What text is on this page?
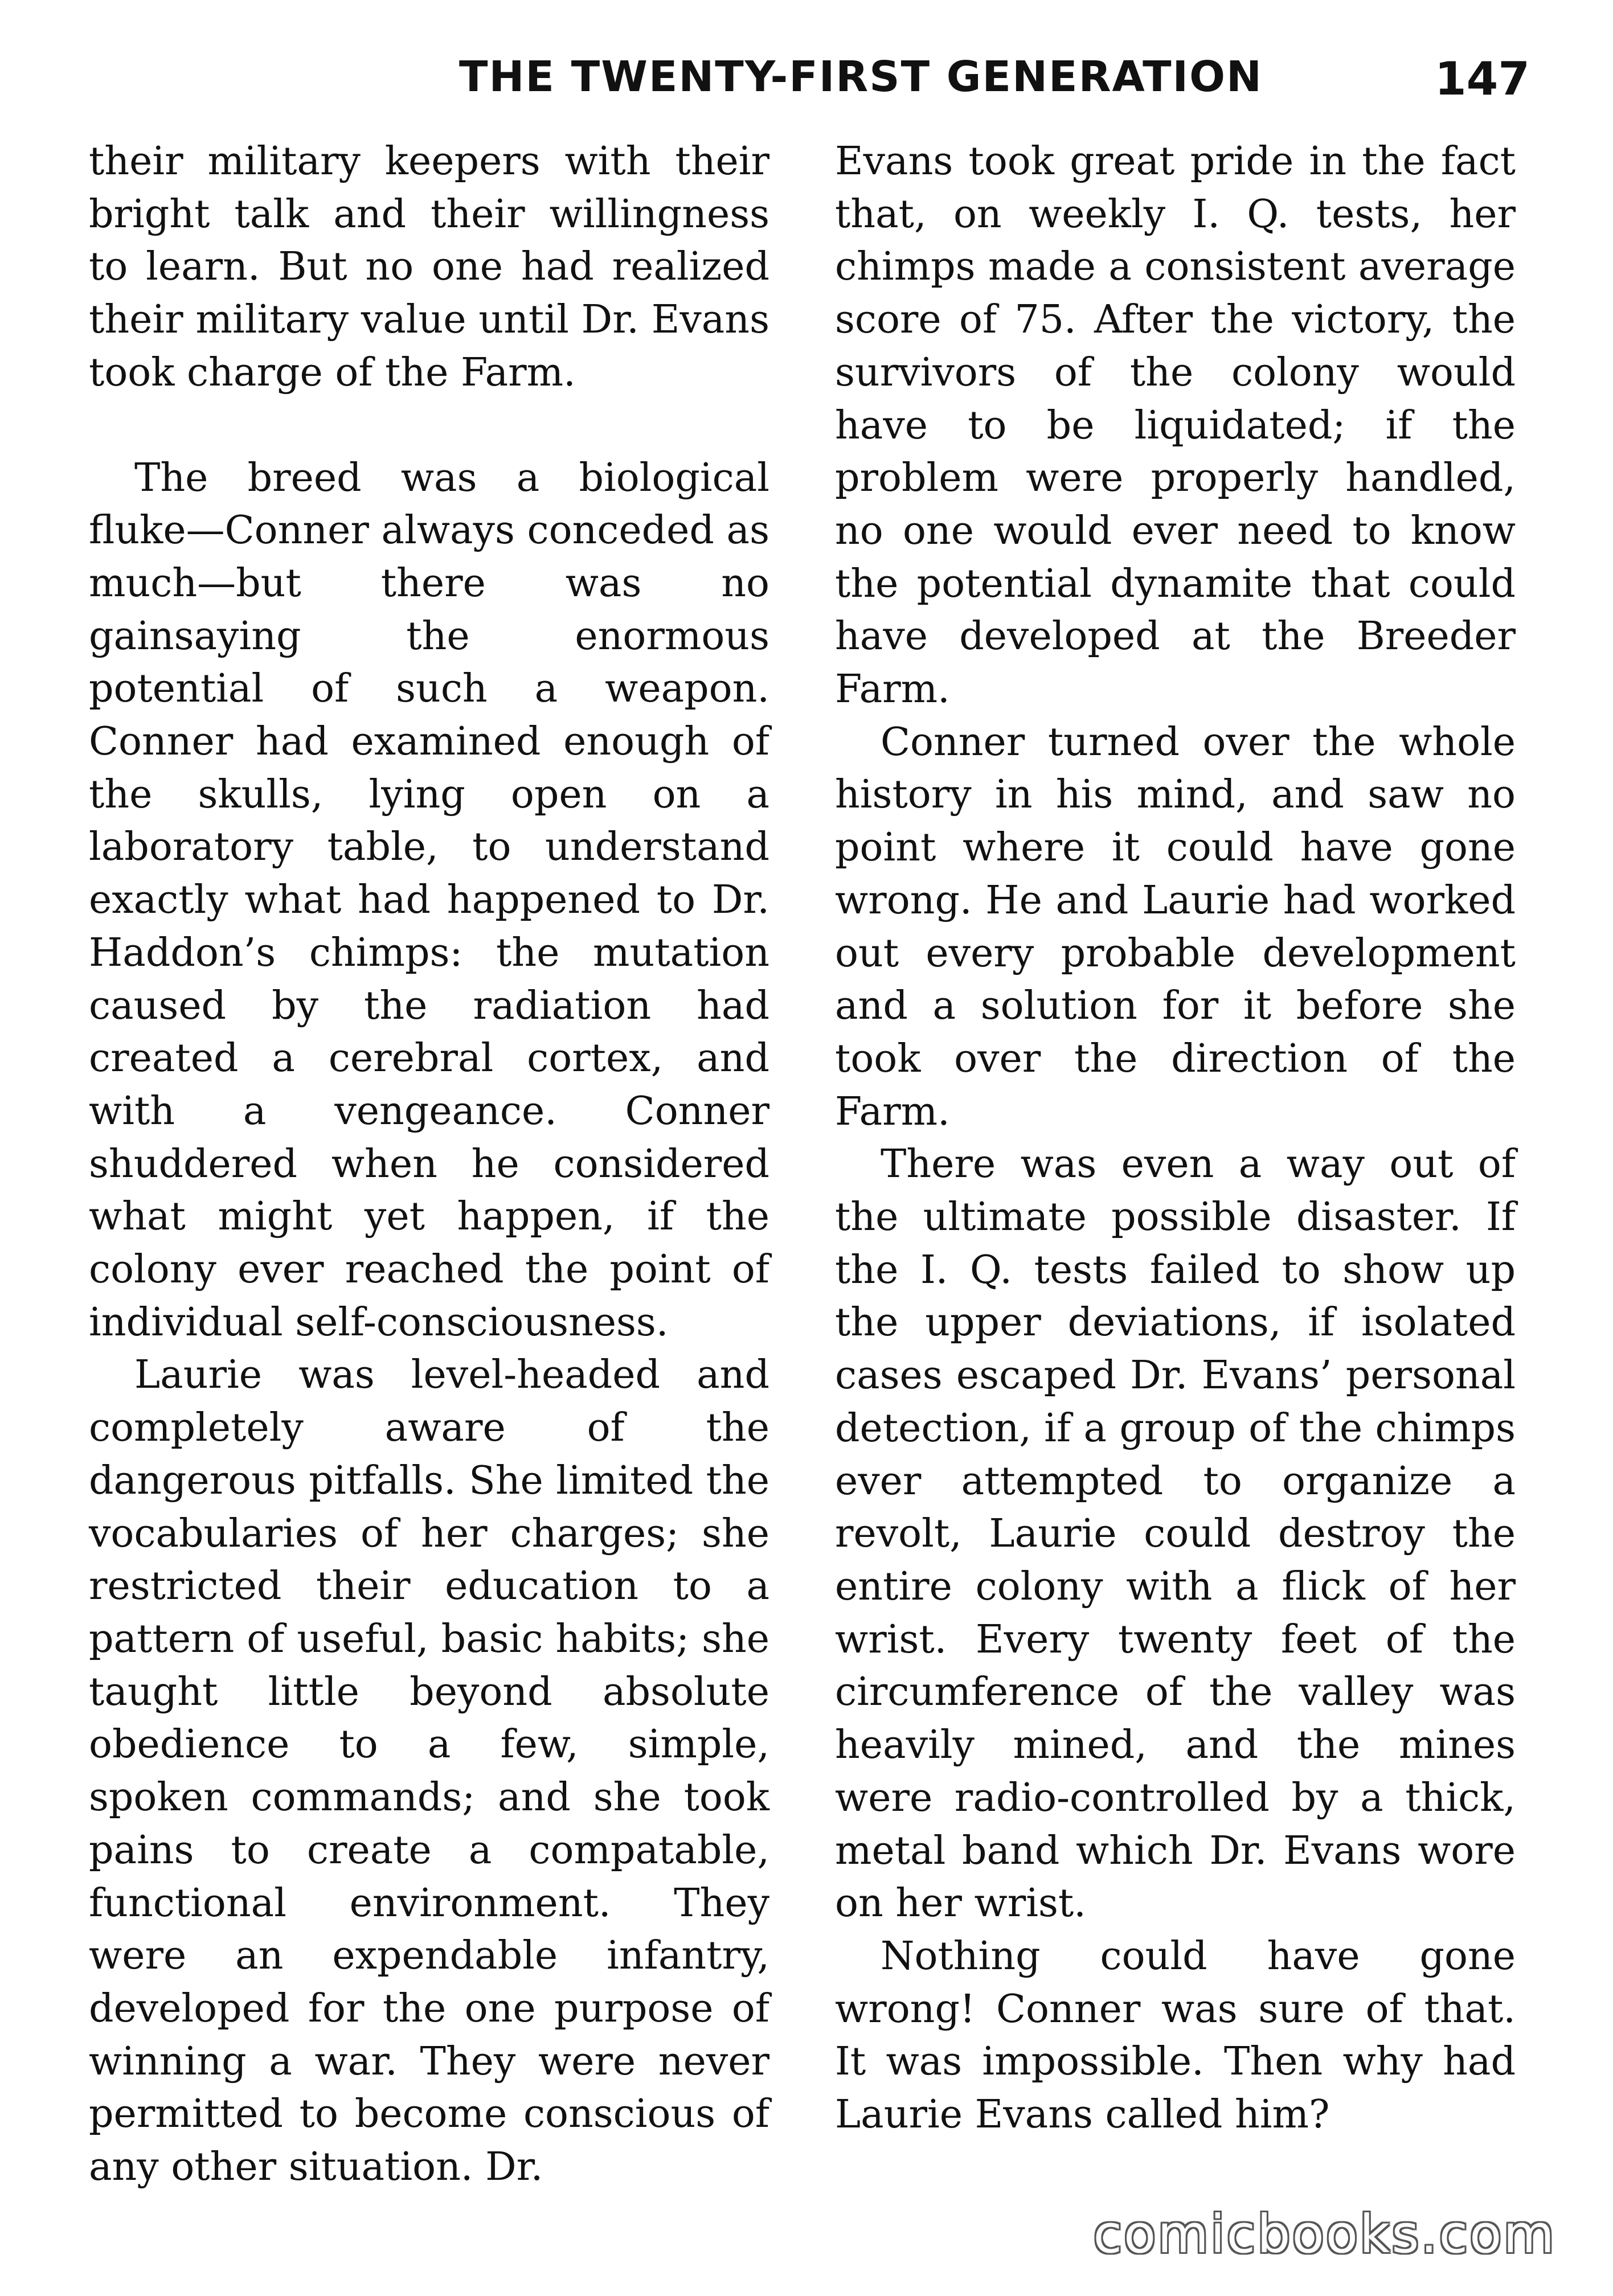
THE TWENTY-FIRST GENERATION	147

their military keepers with their bright talk and their willingness to learn. But no one had realized their military value until Dr. Evans took charge of the Farm.

The breed was a biological fluke—Conner always conceded as much—but there was no gainsaying the enormous potential of such a weapon. Conner had examined enough of the skulls, lying open on a laboratory table, to understand exactly what had happened to Dr. Haddon’s chimps: the mutation caused by the radiation had created a cerebral cortex, and with a vengeance. Conner shuddered when he considered what might yet happen, if the colony ever reached the point of individual self-consciousness.

Laurie was level-headed and completely aware of the dangerous pitfalls. She limited the vocabularies of her charges; she restricted their education to a pattern of useful, basic habits; she taught little beyond absolute obedience to a few, simple, spoken commands; and she took pains to create a compatable, functional environment. They were an expendable infantry, developed for the one purpose of winning a war. They were never permitted to become conscious of any other situation. Dr.

Evans took great pride in the fact that, on weekly I. Q. tests, her chimps made a consistent average score of 75. After the victory, the survivors of the colony would have to be liquidated; if the problem were properly handled, no one would ever need to know the potential dynamite that could have developed at the Breeder Farm.

Conner turned over the whole history in his mind, and saw no point where it could have gone wrong. He and Laurie had worked out every probable development and a solution for it before she took over the direction of the Farm.

There was even a way out of the ultimate possible disaster. If the I. Q. tests failed to show up the upper deviations, if isolated cases escaped Dr. Evans’ personal detection, if a group of the chimps ever attempted to organize a revolt, Laurie could destroy the entire colony with a flick of her wrist. Every twenty feet of the circumference of the valley was heavily mined, and the mines were radio-controlled by a thick, metal band which Dr. Evans wore on her wrist.

Nothing could have gone wrong! Conner was sure of that. It was impossible. Then why had Laurie Evans called him?

comicbooks.com
